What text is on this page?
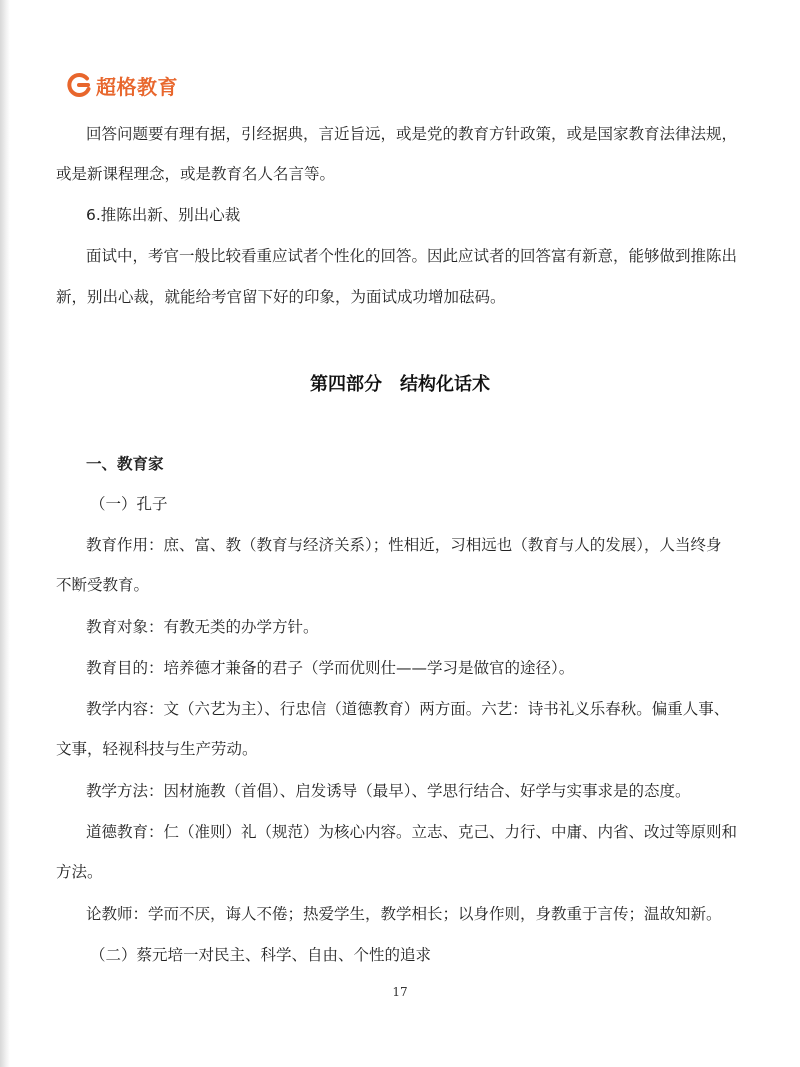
超格教育
回答问题要有理有据，引经据典，言近旨远，或是党的教育方针政策，或是国家教育法律法规，
或是新课程理念，或是教育名人名言等。
6.推陈出新、别出心裁
面试中，考官一般比较看重应试者个性化的回答。因此应试者的回答富有新意，能够做到推陈出
新，别出心裁，就能给考官留下好的印象，为面试成功增加砝码。
第四部分　结构化话术
一、教育家
（一）孔子
教育作用：庶、富、教（教育与经济关系）；性相近，习相远也（教育与人的发展），人当终身
不断受教育。
教育对象：有教无类的办学方针。
教育目的：培养德才兼备的君子（学而优则仕——学习是做官的途径）。
教学内容：文（六艺为主）、行忠信（道德教育）两方面。六艺：诗书礼义乐春秋。偏重人事、
文事，轻视科技与生产劳动。
教学方法：因材施教（首倡）、启发诱导（最早）、学思行结合、好学与实事求是的态度。
道德教育：仁（准则）礼（规范）为核心内容。立志、克己、力行、中庸、内省、改过等原则和
方法。
论教师：学而不厌，诲人不倦；热爱学生，教学相长；以身作则，身教重于言传；温故知新。
（二）蔡元培一对民主、科学、自由、个性的追求
17
